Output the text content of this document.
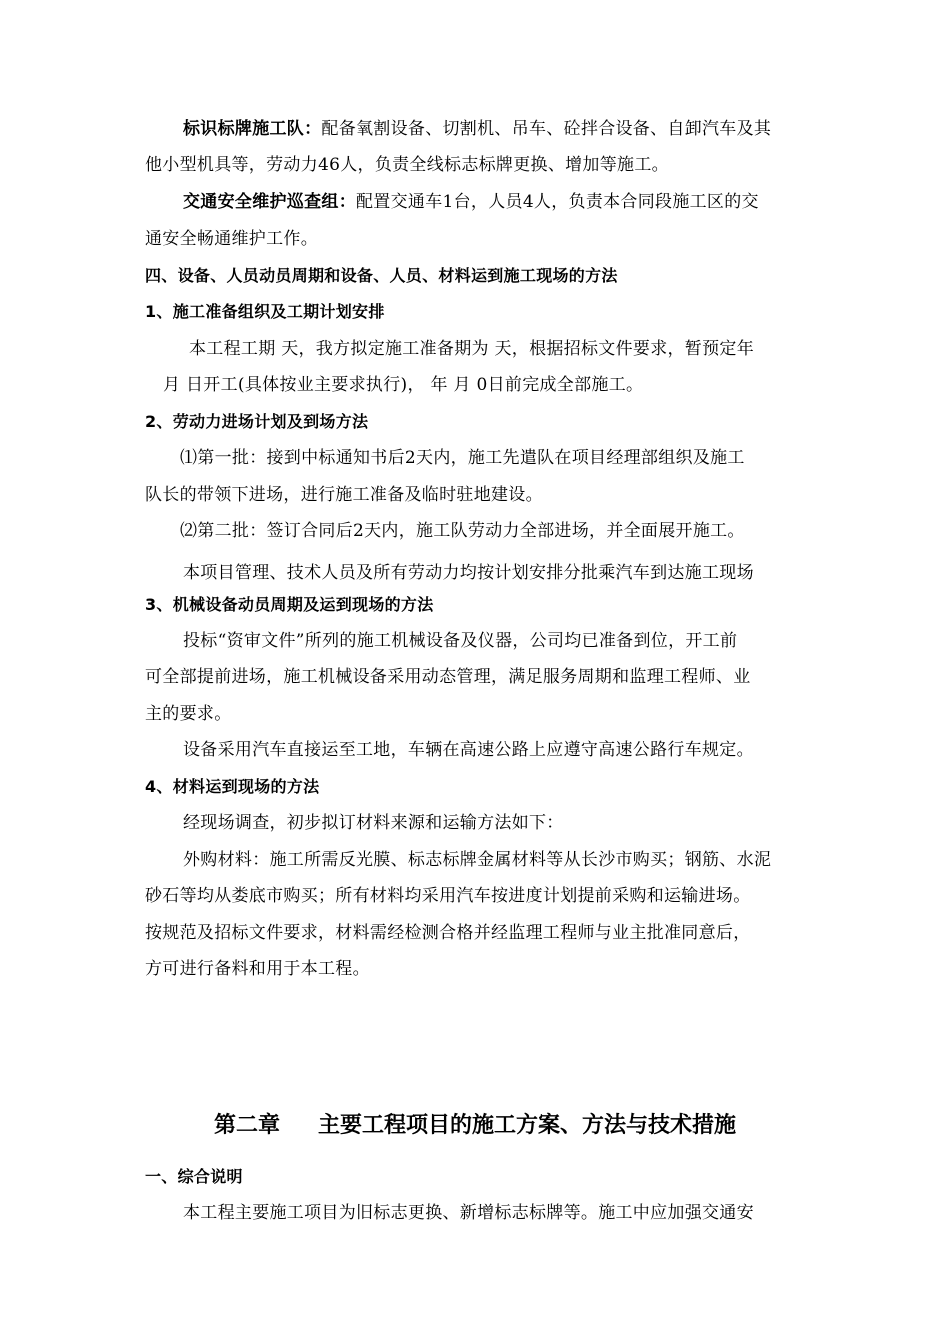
标识标牌施工队：配备氧割设备、切割机、吊车、砼拌合设备、自卸汽车及其
他小型机具等，劳动力46人，负责全线标志标牌更换、增加等施工。
交通安全维护巡查组：配置交通车1台，人员4人，负责本合同段施工区的交
通安全畅通维护工作。
四、设备、人员动员周期和设备、人员、材料运到施工现场的方法
1、施工准备组织及工期计划安排
本工程工期 天，我方拟定施工准备期为 天，根据招标文件要求，暂预定年
月 日开工(具体按业主要求执行)， 年 月 0日前完成全部施工。
2、劳动力进场计划及到场方法
⑴第一批：接到中标通知书后2天内，施工先遣队在项目经理部组织及施工
队长的带领下进场，进行施工准备及临时驻地建设。
⑵第二批：签订合同后2天内，施工队劳动力全部进场，并全面展开施工。
本项目管理、技术人员及所有劳动力均按计划安排分批乘汽车到达施工现场
3、机械设备动员周期及运到现场的方法
投标“资审文件”所列的施工机械设备及仪器，公司均已准备到位，开工前
可全部提前进场，施工机械设备采用动态管理，满足服务周期和监理工程师、业
主的要求。
设备采用汽车直接运至工地，车辆在高速公路上应遵守高速公路行车规定。
4、材料运到现场的方法
经现场调查，初步拟订材料来源和运输方法如下：
外购材料：施工所需反光膜、标志标牌金属材料等从长沙市购买；钢筋、水泥
砂石等均从娄底市购买；所有材料均采用汽车按进度计划提前采购和运输进场。
按规范及招标文件要求，材料需经检测合格并经监理工程师与业主批准同意后，
方可进行备料和用于本工程。
第二章 主要工程项目的施工方案、方法与技术措施
一、综合说明
本工程主要施工项目为旧标志更换、新增标志标牌等。施工中应加强交通安
